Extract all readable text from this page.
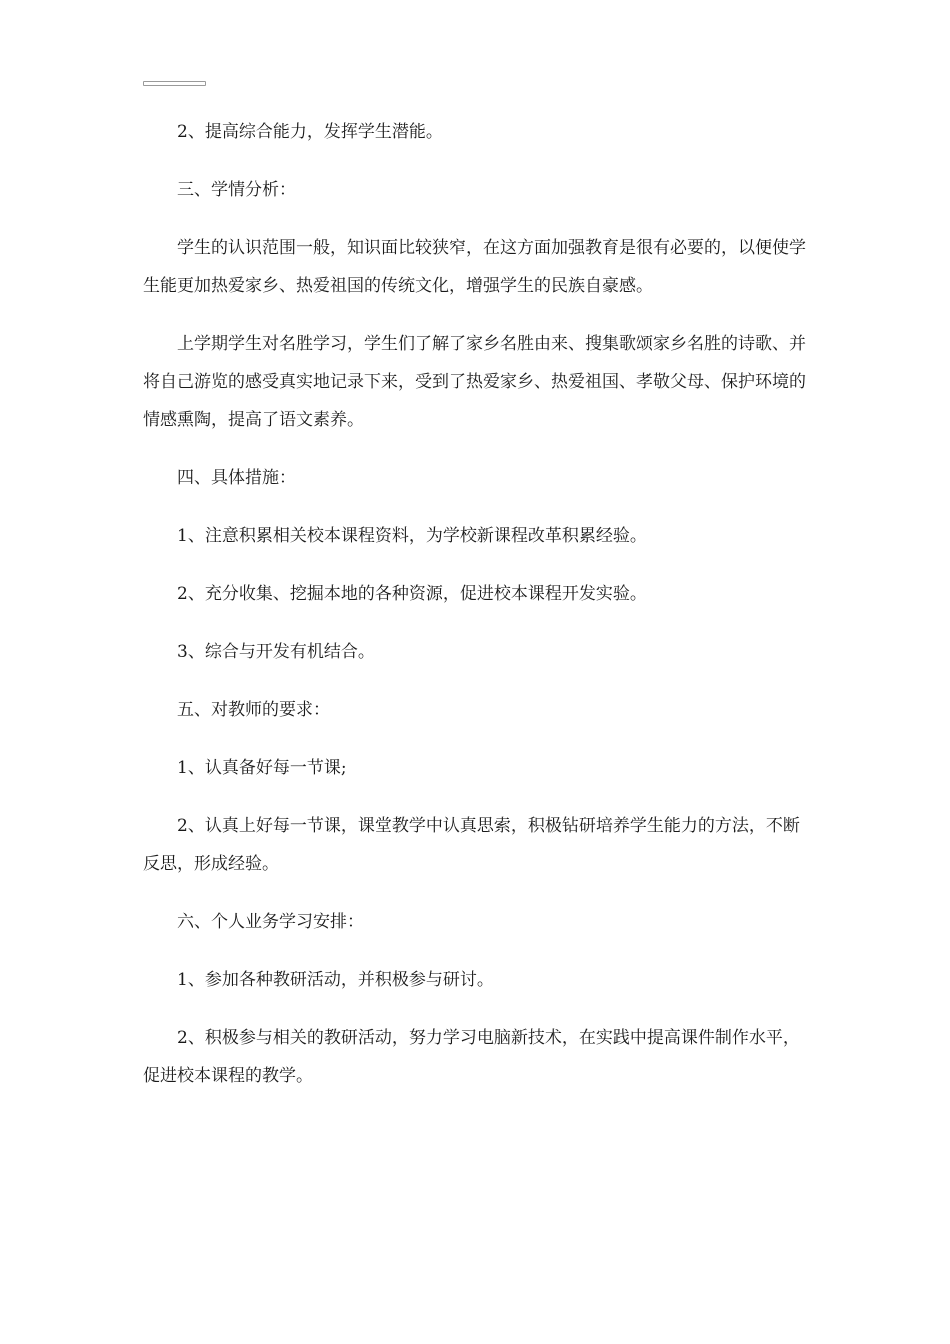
2、提高综合能力，发挥学生潜能。

三、学情分析：

学生的认识范围一般，知识面比较狭窄，在这方面加强教育是很有必要的，以便使学生能更加热爱家乡、热爱祖国的传统文化，增强学生的民族自豪感。

上学期学生对名胜学习，学生们了解了家乡名胜由来、搜集歌颂家乡名胜的诗歌、并将自己游览的感受真实地记录下来，受到了热爱家乡、热爱祖国、孝敬父母、保护环境的情感熏陶，提高了语文素养。

四、具体措施：

1、注意积累相关校本课程资料，为学校新课程改革积累经验。

2、充分收集、挖掘本地的各种资源，促进校本课程开发实验。

3、综合与开发有机结合。

五、对教师的要求：

1、认真备好每一节课;

2、认真上好每一节课，课堂教学中认真思索，积极钻研培养学生能力的方法，不断反思，形成经验。

六、个人业务学习安排：

1、参加各种教研活动，并积极参与研讨。

2、积极参与相关的教研活动，努力学习电脑新技术，在实践中提高课件制作水平，促进校本课程的教学。
